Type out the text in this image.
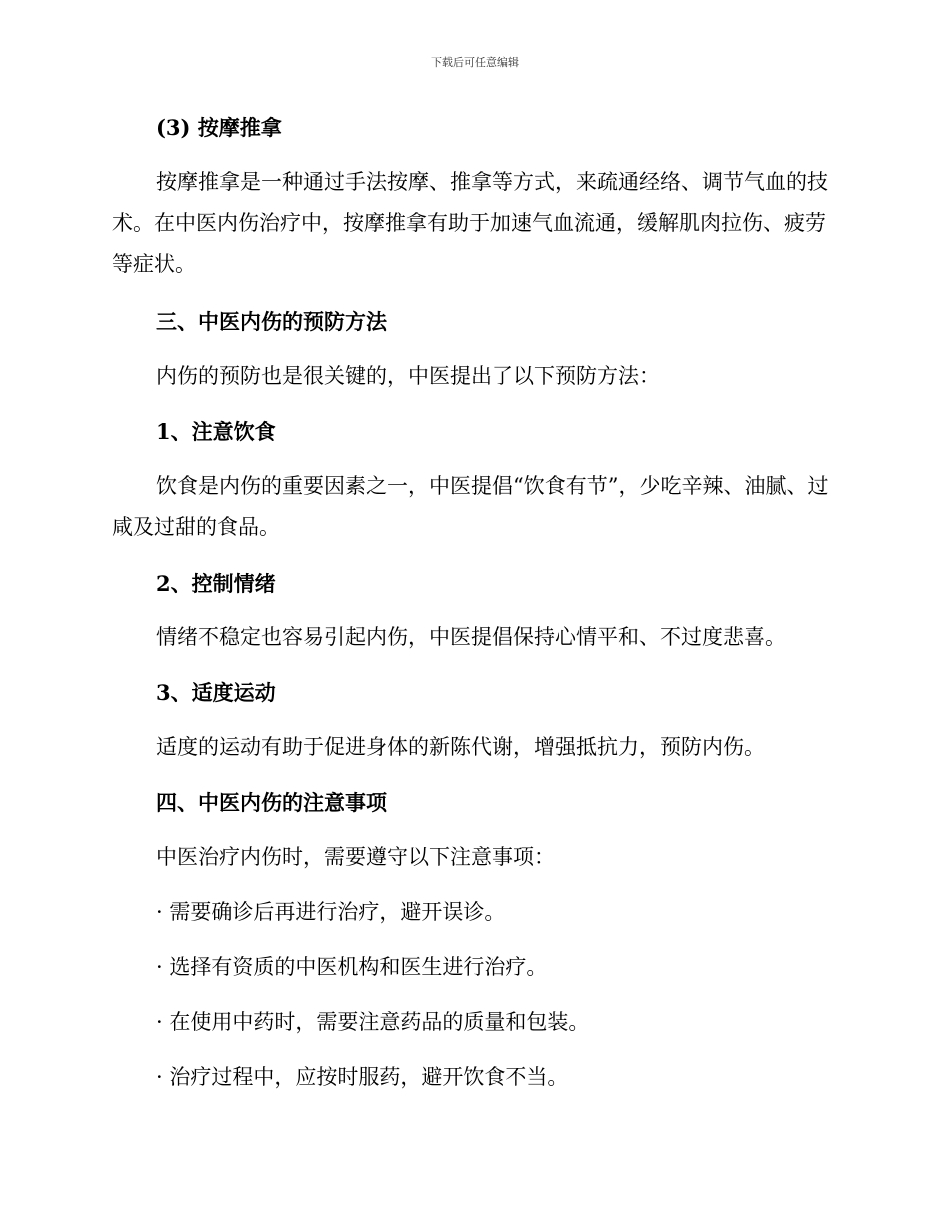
下载后可任意编辑

(3) 按摩推拿

按摩推拿是一种通过手法按摩、推拿等方式，来疏通经络、调节气血的技术。在中医内伤治疗中，按摩推拿有助于加速气血流通，缓解肌肉拉伤、疲劳等症状。

三、中医内伤的预防方法

内伤的预防也是很关键的，中医提出了以下预防方法：

1、注意饮食

饮食是内伤的重要因素之一，中医提倡“饮食有节”，少吃辛辣、油腻、过咸及过甜的食品。

2、控制情绪

情绪不稳定也容易引起内伤，中医提倡保持心情平和、不过度悲喜。

3、适度运动

适度的运动有助于促进身体的新陈代谢，增强抵抗力，预防内伤。

四、中医内伤的注意事项

中医治疗内伤时，需要遵守以下注意事项：

· 需要确诊后再进行治疗，避开误诊。

· 选择有资质的中医机构和医生进行治疗。

· 在使用中药时，需要注意药品的质量和包装。

· 治疗过程中，应按时服药，避开饮食不当。
